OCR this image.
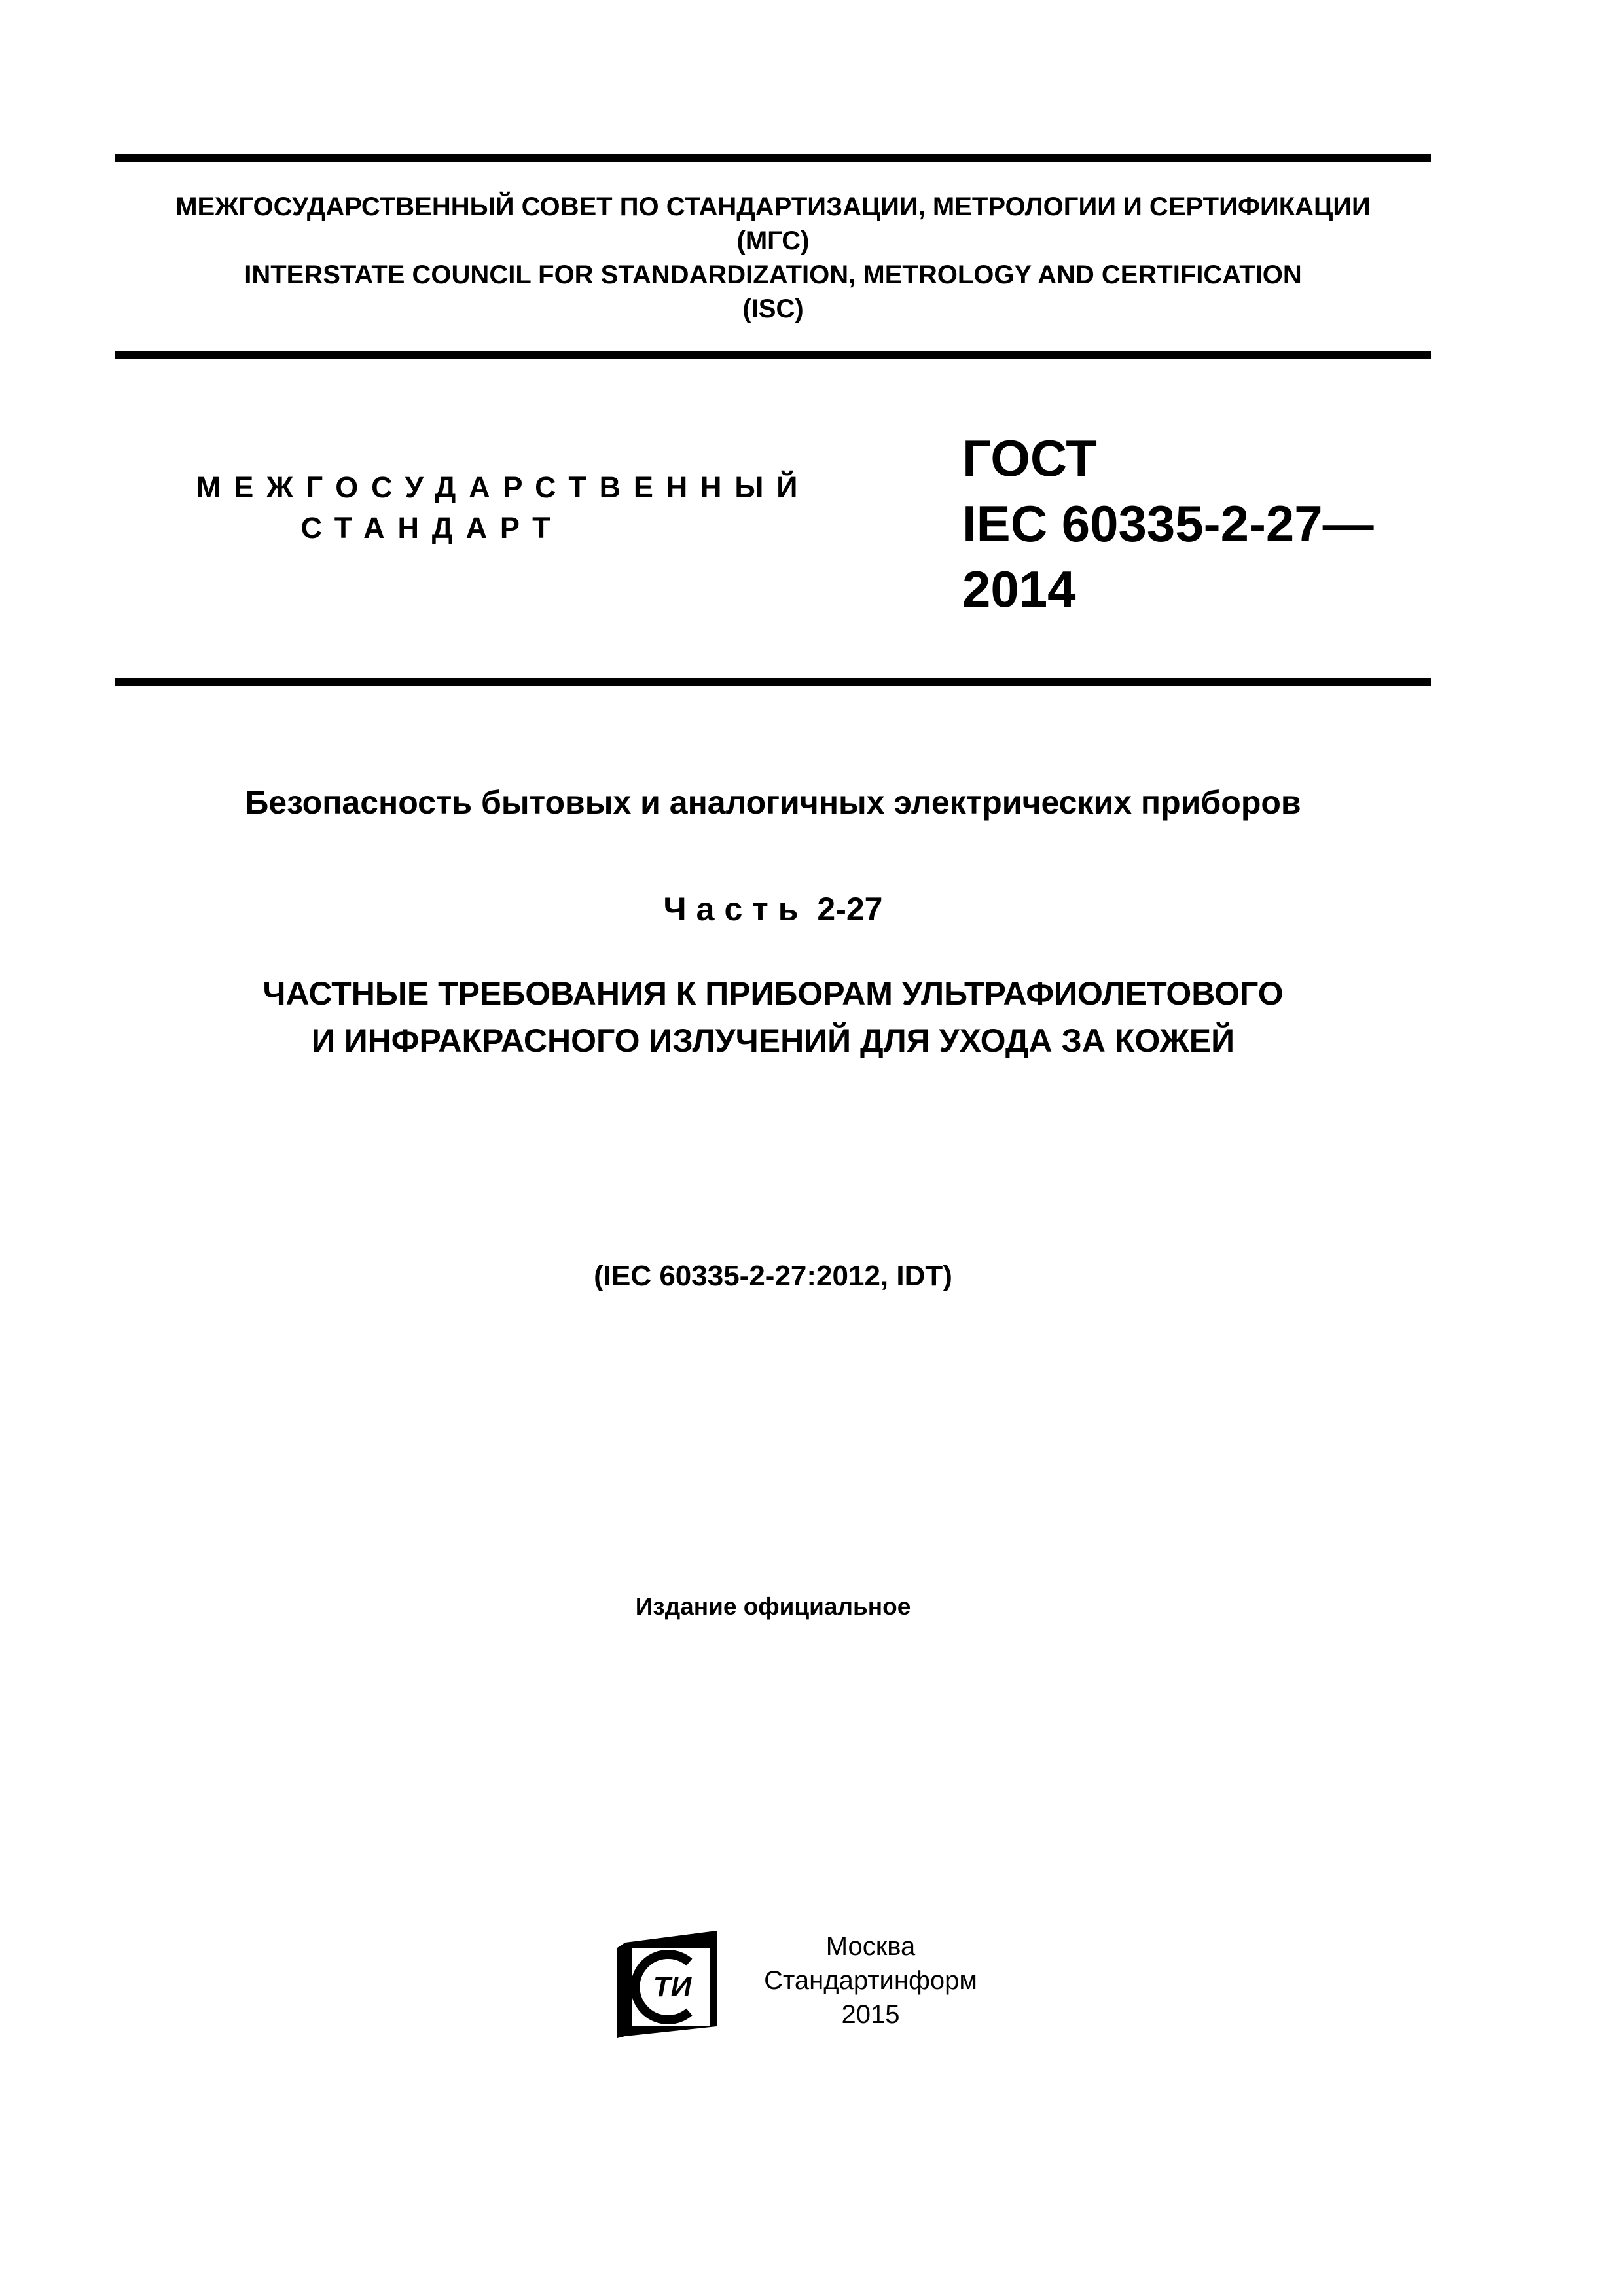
МЕЖГОСУДАРСТВЕННЫЙ СОВЕТ ПО СТАНДАРТИЗАЦИИ, МЕТРОЛОГИИ И СЕРТИФИКАЦИИ
(МГС)
INTERSTATE COUNCIL FOR STANDARDIZATION, METROLOGY AND CERTIFICATION
(ISC)
МЕЖГОСУДАРСТВЕННЫЙ
СТАНДАРТ
ГОСТ
IEC 60335-2-27—
2014
Безопасность бытовых и аналогичных электрических приборов
Часть 2-27
ЧАСТНЫЕ ТРЕБОВАНИЯ К ПРИБОРАМ УЛЬТРАФИОЛЕТОВОГО
И ИНФРАКРАСНОГО ИЗЛУЧЕНИЙ ДЛЯ УХОДА ЗА КОЖЕЙ
(IEC 60335-2-27:2012, IDT)
Издание официальное
ТИ
Москва
Стандартинформ
2015
